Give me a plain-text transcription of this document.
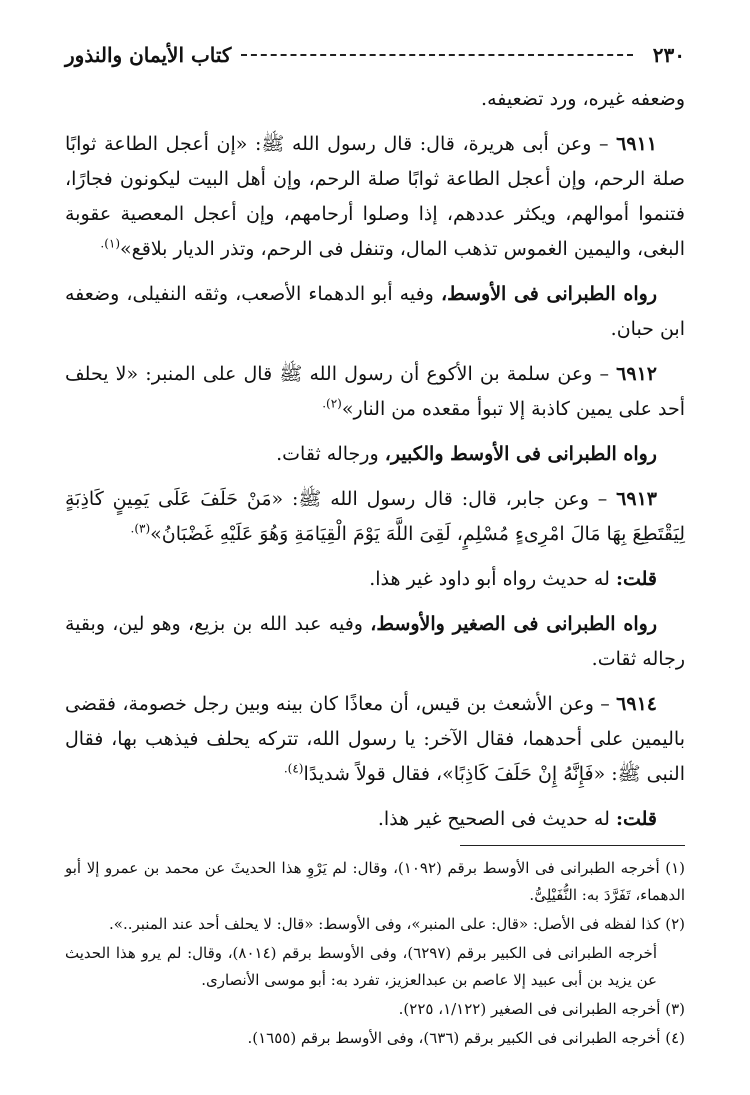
٢٣٠
كتاب الأيمان والنذور

وضعفه غيره، ورد تضعيفه.

٦٩١١ – وعن أبى هريرة، قال: قال رسول الله ﷺ: «إن أعجل الطاعة ثوابًا صلة الرحم، وإن أعجل الطاعة ثوابًا صلة الرحم، وإن أهل البيت ليكونون فجارًا، فتنموا أموالهم، ويكثر عددهم، إذا وصلوا أرحامهم، وإن أعجل المعصية عقوبة البغى، واليمين الغموس تذهب المال، وتنفل فى الرحم، وتذر الديار بلاقع»$^{(١).}$

رواه الطبرانى فى الأوسط، وفيه أبو الدهماء الأصعب، وثقه النفيلى، وضعفه ابن حبان.

٦٩١٢ – وعن سلمة بن الأكوع أن رسول الله ﷺ قال على المنبر: «لا يحلف أحد على يمين كاذبة إلا تبوأ مقعده من النار»$^{(٢).}$

رواه الطبرانى فى الأوسط والكبير، ورجاله ثقات.

٦٩١٣ – وعن جابر، قال: قال رسول الله ﷺ: «مَنْ حَلَفَ عَلَى يَمِينٍ كَاذِبَةٍ لِيَقْتَطِعَ بِهَا مَالَ امْرِىءٍ مُسْلِمٍ، لَقِىَ اللَّهَ يَوْمَ الْقِيَامَةِ وَهُوَ عَلَيْهِ غَضْبَانُ»$^{(٣).}$

قلت: له حديث رواه أبو داود غير هذا.

رواه الطبرانى فى الصغير والأوسط، وفيه عبد الله بن بزيع، وهو لين، وبقية رجاله ثقات.

٦٩١٤ – وعن الأشعث بن قيس، أن معاذًا كان بينه وبين رجل خصومة، فقضى باليمين على أحدهما، فقال الآخر: يا رسول الله، تتركه يحلف فيذهب بها، فقال النبى ﷺ: «فَإِنَّهُ إِنْ حَلَفَ كَاذِبًا»، فقال قولاً شديدًا$^{(٤).}$

قلت: له حديث فى الصحيح غير هذا.

(١) أخرجه الطبرانى فى الأوسط برقم (١٠٩٢)، وقال: لم يَرْوِ هذا الحديثَ عن محمد بن عمرو إلا أبو الدهماء، تَفَرَّدَ به: النُّفَيْلِىُّ.

(٢) كذا لفظه فى الأصل: «قال: على المنبر»، وفى الأوسط: «قال: لا يحلف أحد عند المنبر..».

أخرجه الطبرانى فى الكبير برقم (٦٢٩٧)، وفى الأوسط برقم (٨٠١٤)، وقال: لم يرو هذا الحديث عن يزيد بن أبى عبيد إلا عاصم بن عبدالعزيز، تفرد به: أبو موسى الأنصارى.

(٣) أخرجه الطبرانى فى الصغير (١/١٢٢، ٢٢٥).

(٤) أخرجه الطبرانى فى الكبير برقم (٦٣٦)، وفى الأوسط برقم (١٦٥٥).
